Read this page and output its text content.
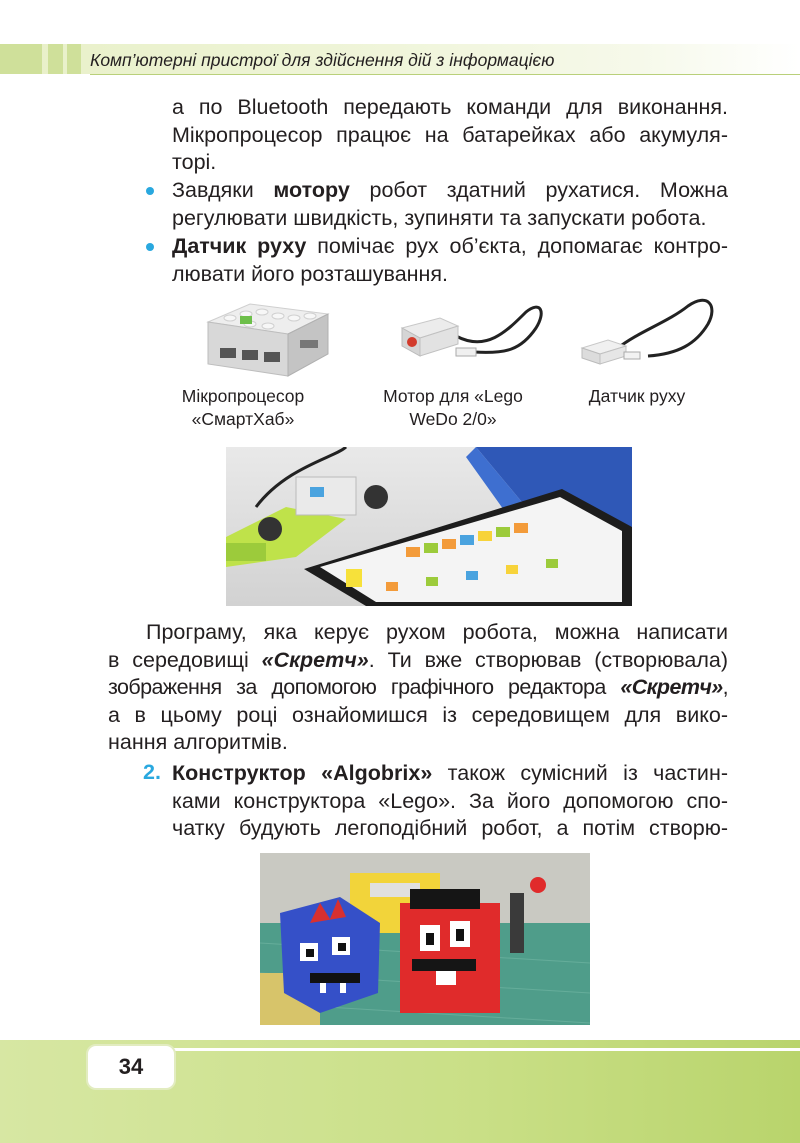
Комп’ютерні пристрої для здійснення дій з інформацією
а по Bluetooth передають команди для виконання.
Мікропроцесор працює на батарейках або акумуля-
торі.
Завдяки мотору робот здатний рухатися. Можна
регулювати швидкість, зупиняти та запускати робота.
Датчик руху помічає рух об’єкта, допомагає контро-
лювати його розташування.
Мікропроцесор
«СмартХаб»
Мотор для «Lego
WeDo 2/0»
Датчик руху
Програму, яка керує рухом робота, можна написати
в середовищі «Скретч». Ти вже створював (створювала)
зображення за допомогою графічного редактора «Скретч»,
а в цьому році ознайомишся із середовищем для вико-
нання алгоритмів.
2. Конструктор «Algobrix» також сумісний із частин-
ками конструктора «Lego». За його допомогою спо-
чатку будують легоподібний робот, а потім створю-
34
